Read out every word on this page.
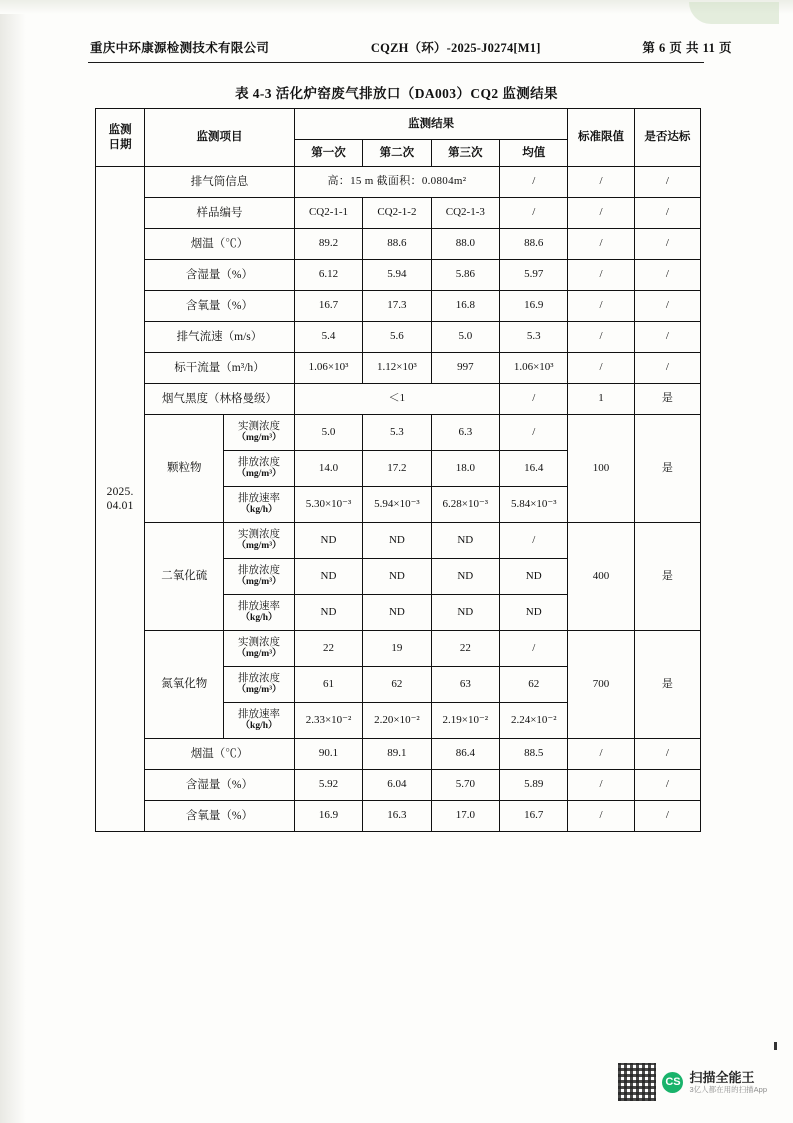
重庆中环康源检测技术有限公司	CQZH（环）-2025-J0274[M1]	第 6 页 共 11 页
表 4-3 活化炉窑废气排放口（DA003）CQ2 监测结果
监测
日期	监测项目		监测结果				标准限值	是否达标
			第一次	第二次	第三次	均值		
2025.
04.01	排气筒信息		高：15 m 截面积：0.0804m²			/	/	/
	样品编号		CQ2-1-1	CQ2-1-2	CQ2-1-3	/	/	/
	烟温（℃）		89.2	88.6	88.0	88.6	/	/
	含湿量（%）		6.12	5.94	5.86	5.97	/	/
	含氧量（%）		16.7	17.3	16.8	16.9	/	/
	排气流速（m/s）		5.4	5.6	5.0	5.3	/	/
	标干流量（m³/h）		1.06×10³	1.12×10³	997	1.06×10³	/	/
	烟气黑度（林格曼级）		＜1			/	1	是
	颗粒物	实测浓度
（mg/m³）	5.0	5.3	6.3	/	100	是
		排放浓度
（mg/m³）	14.0	17.2	18.0	16.4		
		排放速率
（kg/h）	5.30×10⁻³	5.94×10⁻³	6.28×10⁻³	5.84×10⁻³		
	二氧化硫	实测浓度
（mg/m³）	ND	ND	ND	/	400	是
		排放浓度
（mg/m³）	ND	ND	ND	ND		
		排放速率
（kg/h）	ND	ND	ND	ND		
	氮氧化物	实测浓度
（mg/m³）	22	19	22	/	700	是
		排放浓度
（mg/m³）	61	62	63	62		
		排放速率
（kg/h）	2.33×10⁻²	2.20×10⁻²	2.19×10⁻²	2.24×10⁻²		
	烟温（℃）		90.1	89.1	86.4	88.5	/	/
	含湿量（%）		5.92	6.04	5.70	5.89	/	/
	含氧量（%）		16.9	16.3	17.0	16.7	/	/
CS 扫描全能王
3亿人都在用的扫描App
